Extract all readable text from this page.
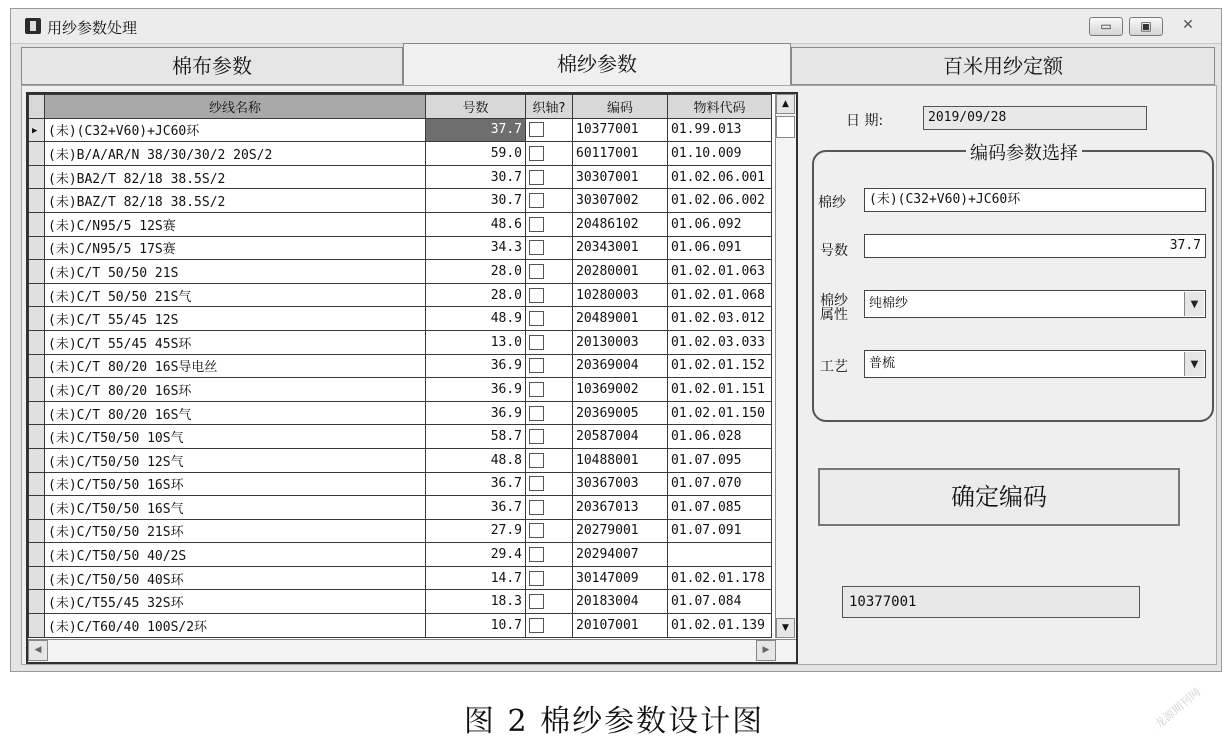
用纱参数处理	▭	▣	✕
棉布参数	百米用纱定额
棉纱参数
	纱线名称	号数	织轴?	编码	物料代码
▶	(未)(C32+V60)+JC60环	37.7		10377001	01.99.013
	(未)B/A/AR/N 38/30/30/2 20S/2	59.0		60117001	01.10.009
	(未)BA2/T 82/18 38.5S/2	30.7		30307001	01.02.06.001
	(未)BAZ/T 82/18 38.5S/2	30.7		30307002	01.02.06.002
	(未)C/N95/5 12S赛	48.6		20486102	01.06.092
	(未)C/N95/5 17S赛	34.3		20343001	01.06.091
	(未)C/T 50/50 21S	28.0		20280001	01.02.01.063
	(未)C/T 50/50 21S气	28.0		10280003	01.02.01.068
	(未)C/T 55/45 12S	48.9		20489001	01.02.03.012
	(未)C/T 55/45 45S环	13.0		20130003	01.02.03.033
	(未)C/T 80/20 16S导电丝	36.9		20369004	01.02.01.152
	(未)C/T 80/20 16S环	36.9		10369002	01.02.01.151
	(未)C/T 80/20 16S气	36.9		20369005	01.02.01.150
	(未)C/T50/50 10S气	58.7		20587004	01.06.028
	(未)C/T50/50 12S气	48.8		10488001	01.07.095
	(未)C/T50/50 16S环	36.7		30367003	01.07.070
	(未)C/T50/50 16S气	36.7		20367013	01.07.085
	(未)C/T50/50 21S环	27.9		20279001	01.07.091
	(未)C/T50/50 40/2S	29.4		20294007	
	(未)C/T50/50 40S环	14.7		30147009	01.02.01.178
	(未)C/T55/45 32S环	18.3		20183004	01.07.084
	(未)C/T60/40 100S/2环	10.7		20107001	01.02.01.139
▲
▼
◀	▶
日 期:	2019/09/28
编码参数选择
棉纱	(未)(C32+V60)+JC60环
号数	37.7
棉纱
属性
纯棉纱	▼
工艺	普梳	▼
确定编码
10377001
图 2 棉纱参数设计图	龙源期刊网
